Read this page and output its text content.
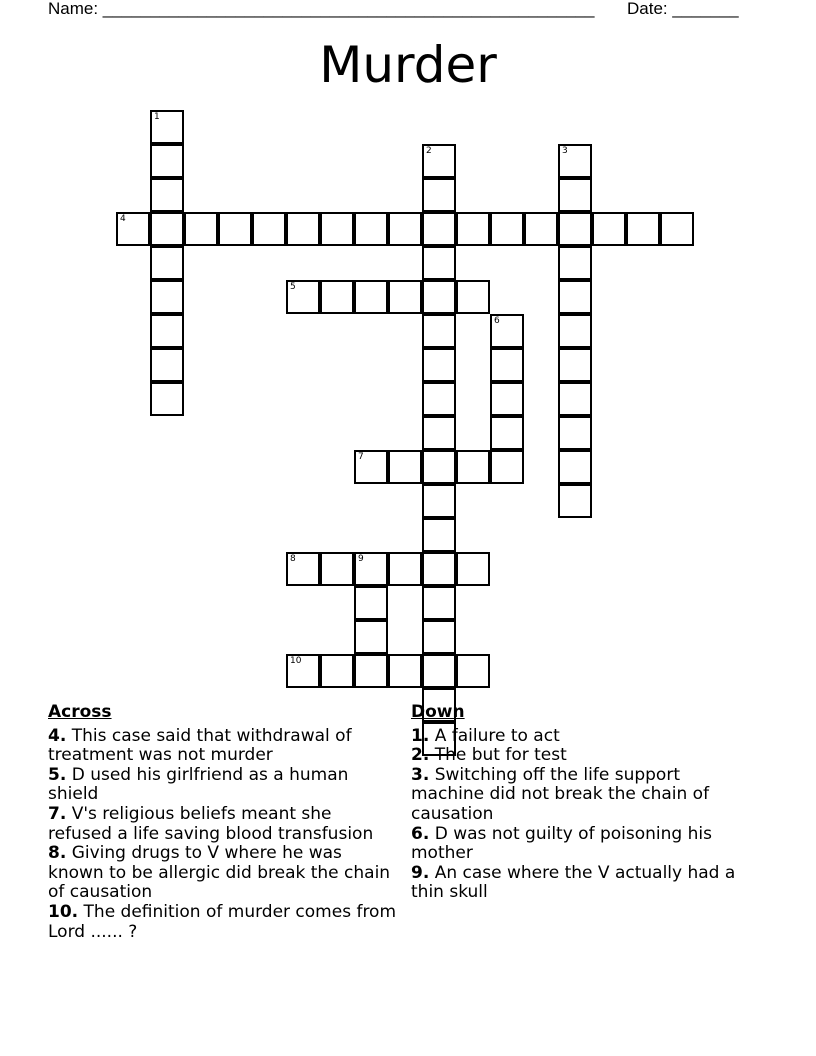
Name: ____________________________________________________ Date: _______
Murder
4
1
2	3
5
6
7
8	9
10
Across
4. This case said that withdrawal of treatment was not murder
5. D used his girlfriend as a human shield
7. V's religious beliefs meant she refused a life saving blood transfusion
8. Giving drugs to V where he was known to be allergic did break the chain of causation
10. The definition of murder comes from Lord ...... ?
Down
1. A failure to act
2. The but for test
3. Switching off the life support machine did not break the chain of causation
6. D was not guilty of poisoning his mother
9. An case where the V actually had a thin skull
